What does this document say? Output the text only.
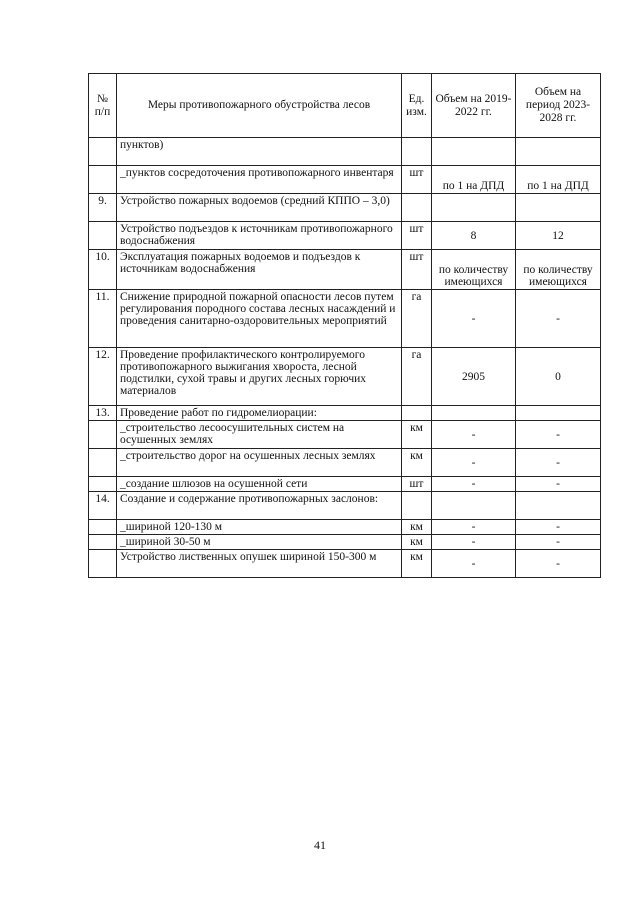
№ п/п	Меры противопожарного обустройства лесов	Ед. изм.	Объем на 2019-2022 гг.	Объем на период 2023-2028 гг.
	пунктов)			
	_пунктов сосредоточения противопожарного инвентаря	шт	по 1 на ДПД	по 1 на ДПД
9.	Устройство пожарных водоемов (средний КППО – 3,0)			
	Устройство подъездов к источникам противопожарного водоснабжения	шт	8	12
10.	Эксплуатация пожарных водоемов и подъездов к источникам водоснабжения	шт	по количеству имеющихся	по количеству имеющихся
11.	Снижение природной пожарной опасности лесов путем регулирования породного состава лесных насаждений и проведения санитарно-оздоровительных мероприятий	га	-	-
12.	Проведение профилактического контролируемого противопожарного выжигания хвороста, лесной подстилки, сухой травы и других лесных горючих материалов	га	2905	0
13.	Проведение работ по гидромелиорации:			
	_строительство лесоосушительных систем на осушенных землях	км	-	-
	_строительство дорог на осушенных лесных землях	км	-	-
	_создание шлюзов на осушенной сети	шт	-	-
14.	Создание и содержание противопожарных заслонов:			
	_шириной 120-130 м	км	-	-
	_шириной 30-50 м	км	-	-
	Устройство лиственных опушек шириной 150-300 м	км	-	-
41
